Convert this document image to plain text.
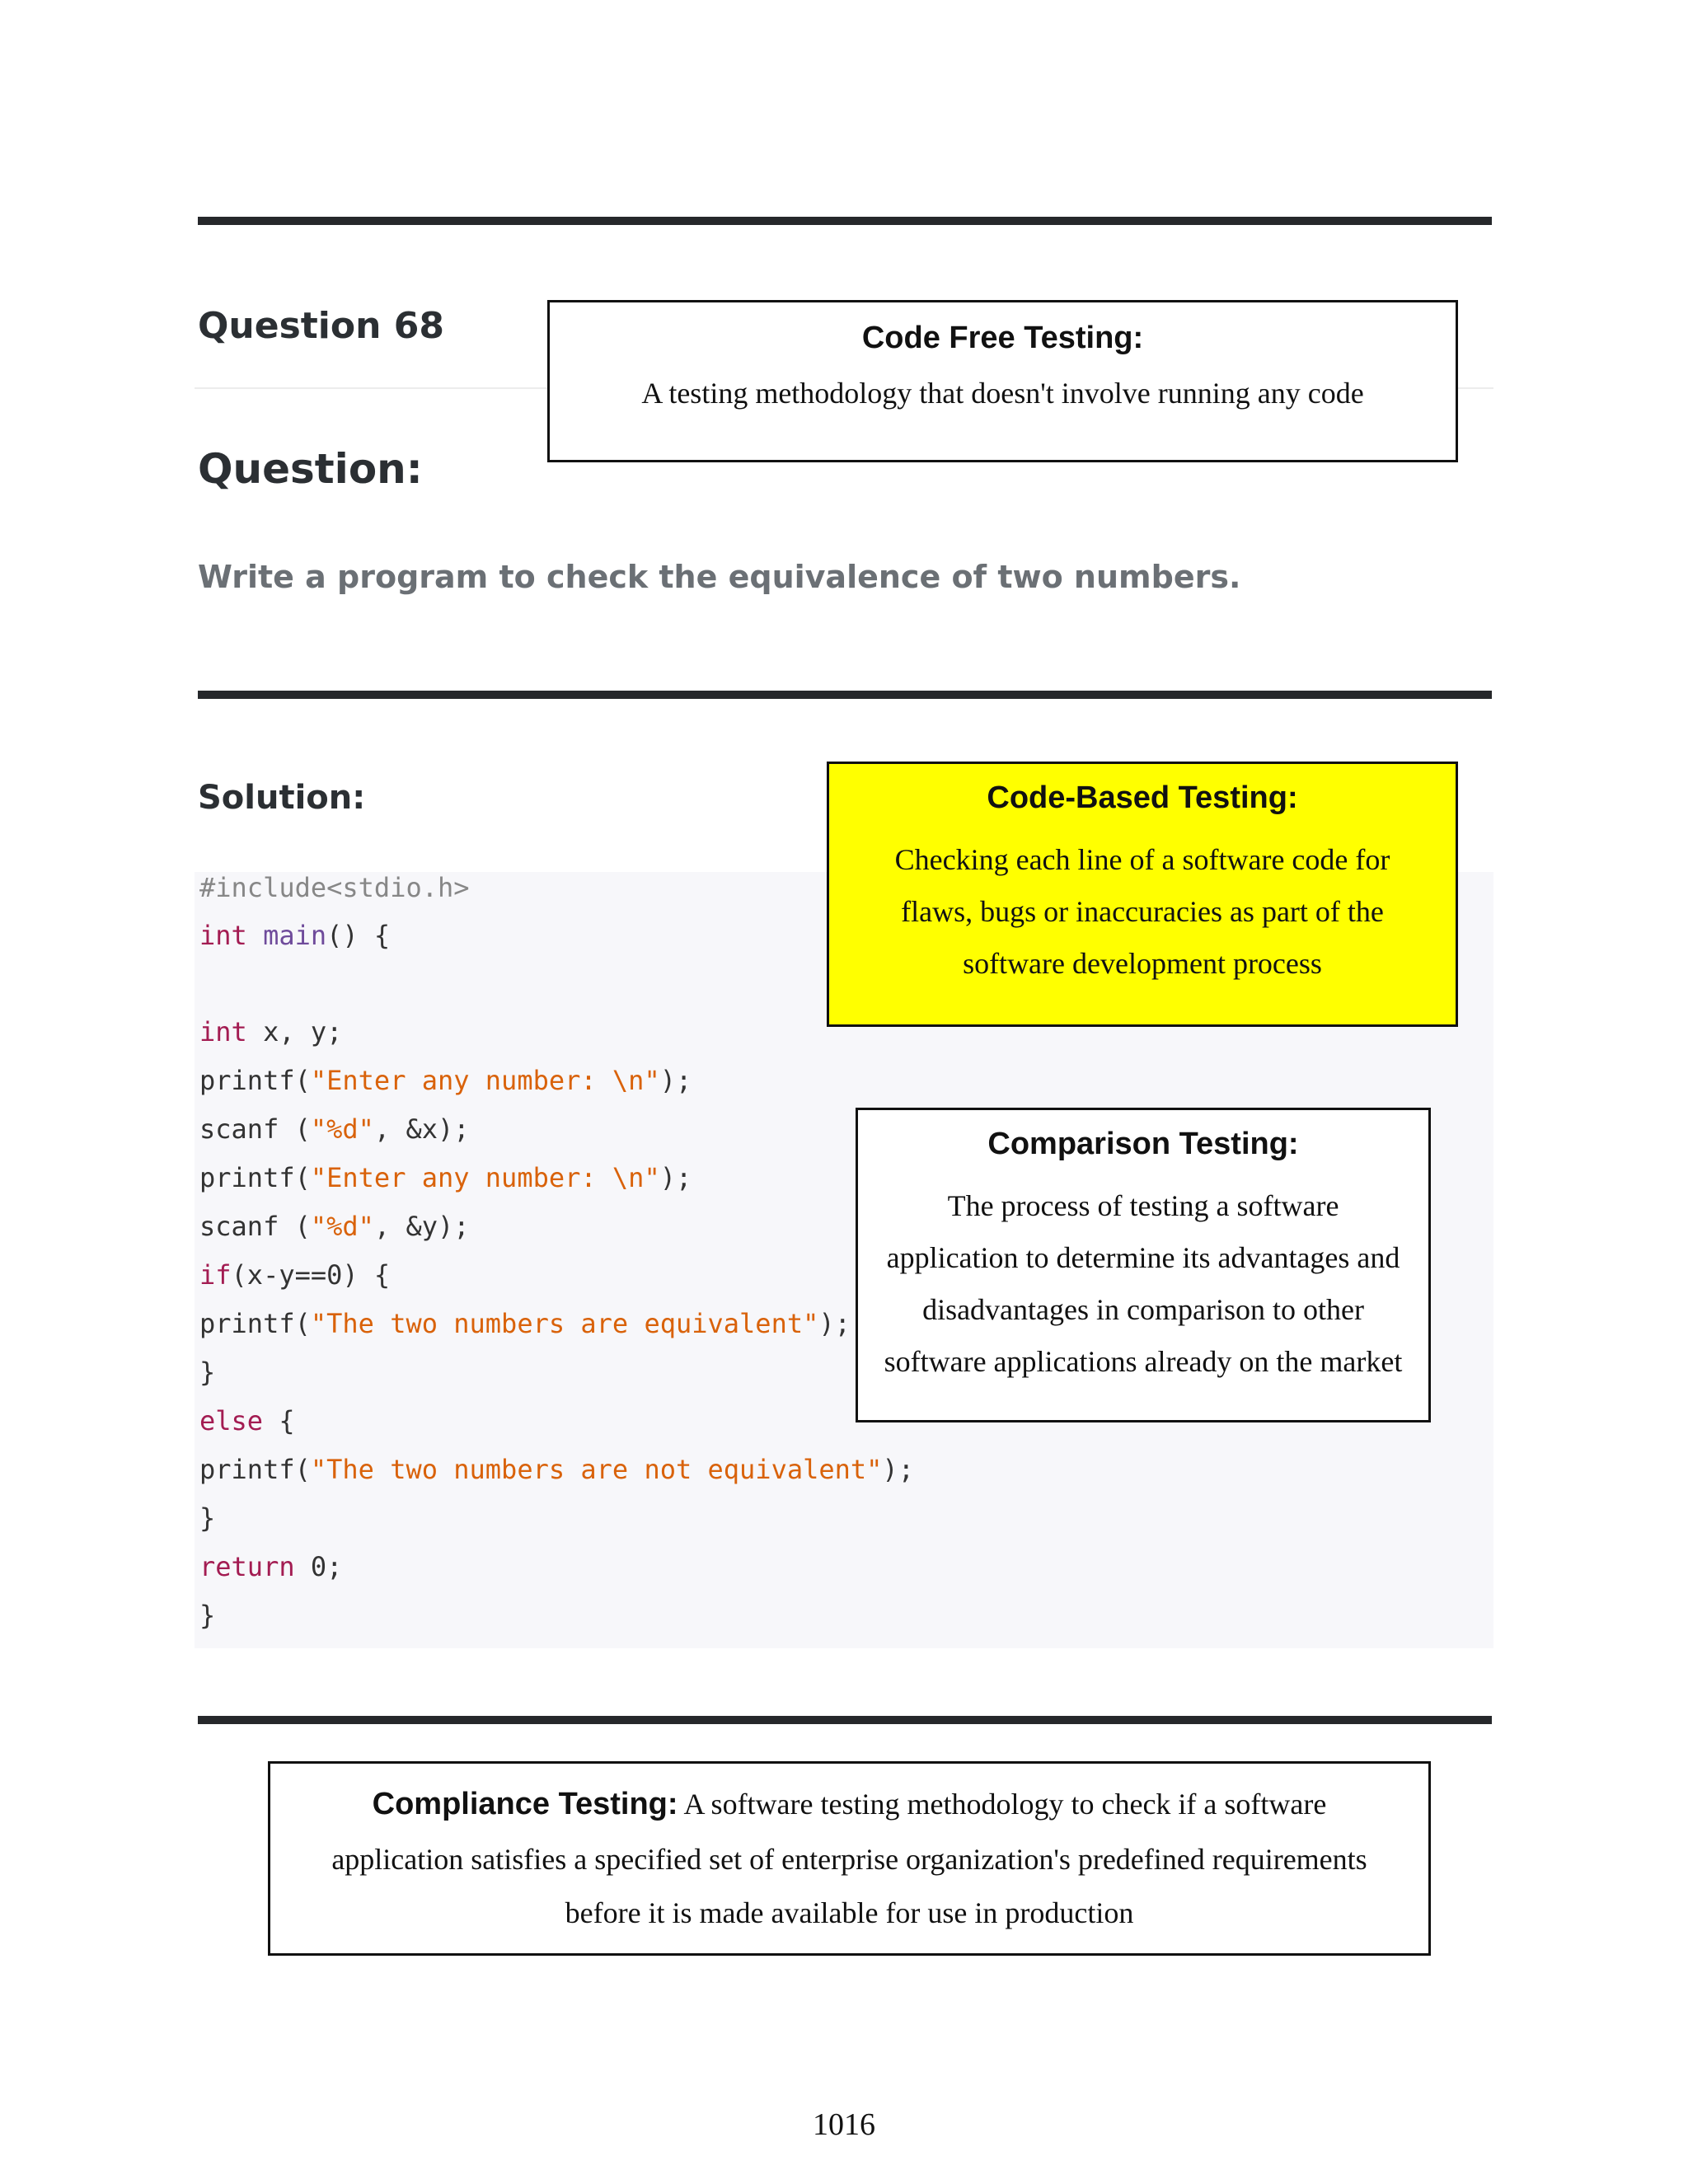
Question 68
Question:

Write a program to check the equivalence of two numbers.

Solution:
#include<stdio.h>
int main() {
int x, y;
printf("Enter any number: \n");
scanf ("%d", &x);
printf("Enter any number: \n");
scanf ("%d", &y);
if(x-y==0) {
printf("The two numbers are equivalent");
}
else {
printf("The two numbers are not equivalent");
}
return 0;
}
Code Free Testing:
A testing methodology that doesn't involve running any code
Code-Based Testing:
Checking each line of a software code for
flaws, bugs or inaccuracies as part of the
software development process
Comparison Testing:
The process of testing a software
application to determine its advantages and
disadvantages in comparison to other
software applications already on the market
Compliance Testing: A software testing methodology to check if a software
application satisfies a specified set of enterprise organization's predefined requirements
before it is made available for use in production
1016
